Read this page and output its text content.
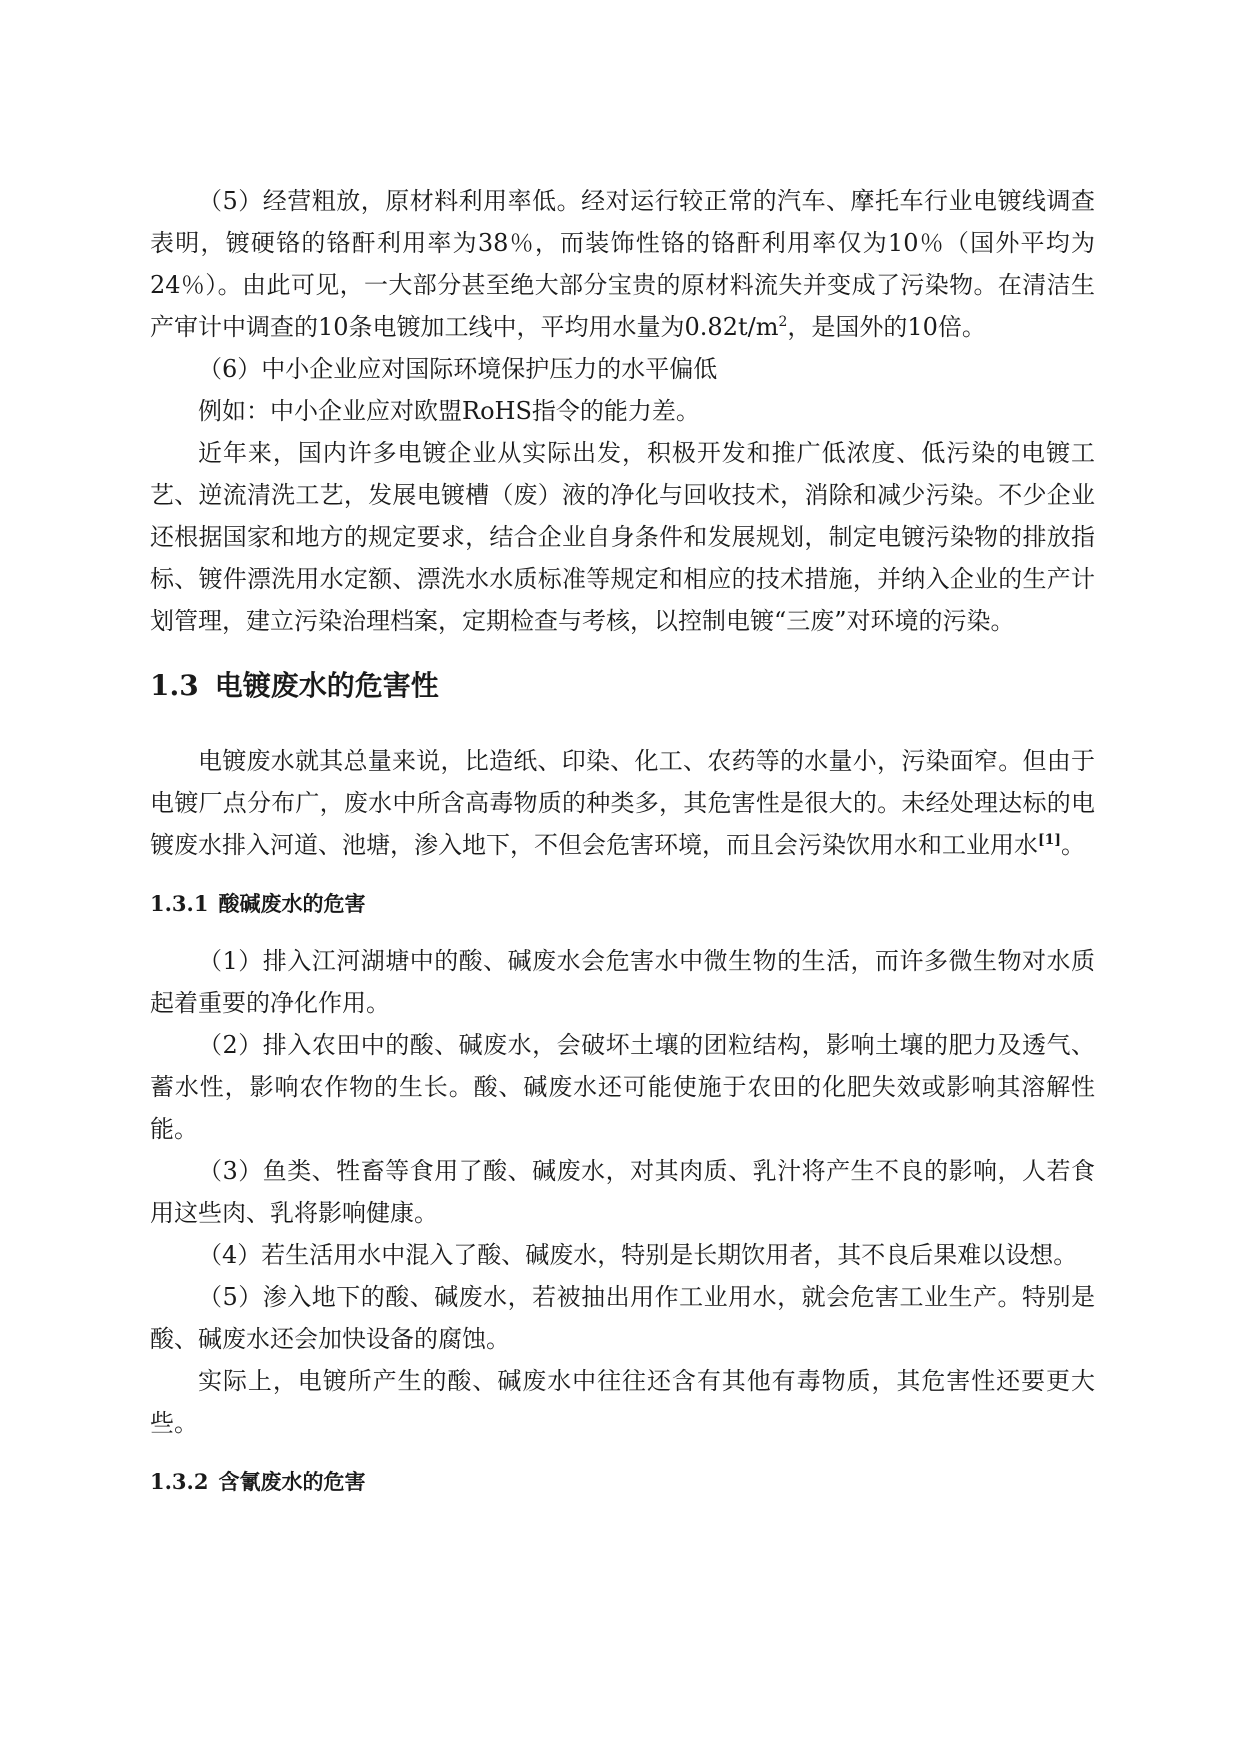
（5）经营粗放，原材料利用率低。经对运行较正常的汽车、摩托车行业电镀线调查表明，镀硬铬的铬酐利用率为38％，而装饰性铬的铬酐利用率仅为10％（国外平均为24％）。由此可见，一大部分甚至绝大部分宝贵的原材料流失并变成了污染物。在清洁生产审计中调查的10条电镀加工线中，平均用水量为$0.82t/m^2$，是国外的10倍。

（6）中小企业应对国际环境保护压力的水平偏低

例如：中小企业应对欧盟RoHS指令的能力差。

近年来，国内许多电镀企业从实际出发，积极开发和推广低浓度、低污染的电镀工艺、逆流清洗工艺，发展电镀槽（废）液的净化与回收技术，消除和减少污染。不少企业还根据国家和地方的规定要求，结合企业自身条件和发展规划，制定电镀污染物的排放指标、镀件漂洗用水定额、漂洗水水质标准等规定和相应的技术措施，并纳入企业的生产计划管理，建立污染治理档案，定期检查与考核，以控制电镀“三废”对环境的污染。

1.3 电镀废水的危害性

电镀废水就其总量来说，比造纸、印染、化工、农药等的水量小，污染面窄。但由于电镀厂点分布广，废水中所含高毒物质的种类多，其危害性是很大的。未经处理达标的电镀废水排入河道、池塘，渗入地下，不但会危害环境，而且会污染饮用水和工业用水[1]。

1.3.1 酸碱废水的危害

（1）排入江河湖塘中的酸、碱废水会危害水中微生物的生活，而许多微生物对水质起着重要的净化作用。

（2）排入农田中的酸、碱废水，会破坏土壤的团粒结构，影响土壤的肥力及透气、蓄水性，影响农作物的生长。酸、碱废水还可能使施于农田的化肥失效或影响其溶解性能。

（3）鱼类、牲畜等食用了酸、碱废水，对其肉质、乳汁将产生不良的影响，人若食用这些肉、乳将影响健康。

（4）若生活用水中混入了酸、碱废水，特别是长期饮用者，其不良后果难以设想。

（5）渗入地下的酸、碱废水，若被抽出用作工业用水，就会危害工业生产。特别是酸、碱废水还会加快设备的腐蚀。

实际上，电镀所产生的酸、碱废水中往往还含有其他有毒物质，其危害性还要更大些。

1.3.2 含氰废水的危害
